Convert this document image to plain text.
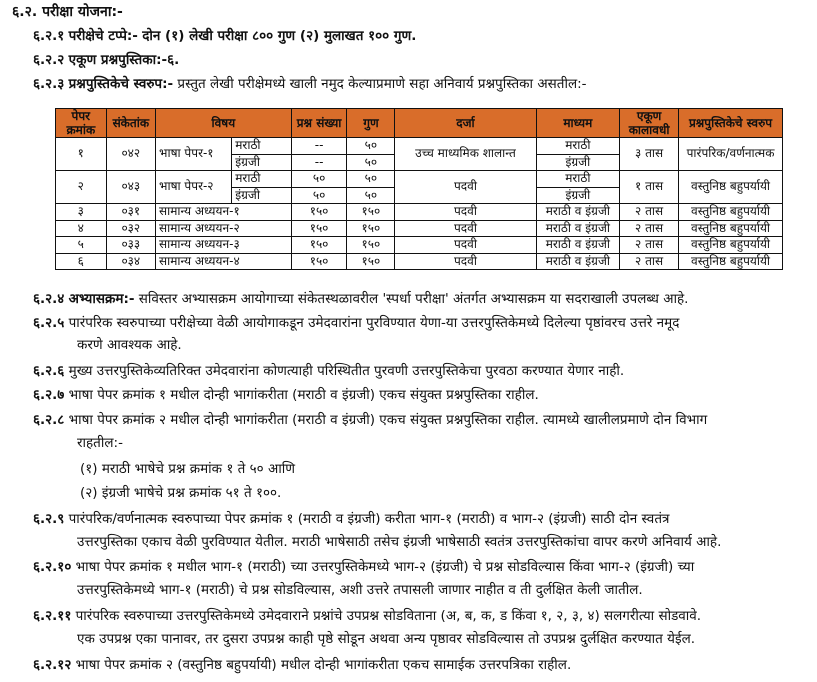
६.२. परीक्षा योजना:-
६.२.१ परीक्षेचे टप्पे:- दोन (१) लेखी परीक्षा ८०० गुण (२) मुलाखत १०० गुण.
६.२.२ एकूण प्रश्नपुस्तिका:-६.
६.२.३ प्रश्नपुस्तिकेचे स्वरुप:- प्रस्तुत लेखी परीक्षेमध्ये खाली नमुद केल्याप्रमाणे सहा अनिवार्य प्रश्नपुस्तिका असतील:-
पेपर क्रमांक	संकेतांक	विषय		प्रश्न संख्या	गुण	दर्जा	माध्यम	एकूण कालावधी	प्रश्नपुस्तिकेचे स्वरुप
१	०४२	भाषा पेपर-१	मराठी	--	५०	उच्च माध्यमिक शालान्त	मराठी	३ तास	पारंपरिक/वर्णनात्मक
			इंग्रजी	--	५०		इंग्रजी		
२	०४३	भाषा पेपर-२	मराठी	५०	५०	पदवी	मराठी	१ तास	वस्तुनिष्ठ बहुपर्यायी
			इंग्रजी	५०	५०		इंग्रजी		
३	०३१	सामान्य अध्ययन-१		१५०	१५०	पदवी	मराठी व इंग्रजी	२ तास	वस्तुनिष्ठ बहुपर्यायी
४	०३२	सामान्य अध्ययन-२		१५०	१५०	पदवी	मराठी व इंग्रजी	२ तास	वस्तुनिष्ठ बहुपर्यायी
५	०३३	सामान्य अध्ययन-३		१५०	१५०	पदवी	मराठी व इंग्रजी	२ तास	वस्तुनिष्ठ बहुपर्यायी
६	०३४	सामान्य अध्ययन-४		१५०	१५०	पदवी	मराठी व इंग्रजी	२ तास	वस्तुनिष्ठ बहुपर्यायी
६.२.४ अभ्यासक्रम:- सविस्तर अभ्यासक्रम आयोगाच्या संकेतस्थळावरील 'स्पर्धा परीक्षा' अंतर्गत अभ्यासक्रम या सदराखाली उपलब्ध आहे.
६.२.५ पारंपरिक स्वरुपाच्या परीक्षेच्या वेळी आयोगाकडून उमेदवारांना पुरविण्यात येणा-या उत्तरपुस्तिकेमध्ये दिलेल्या पृष्ठांवरच उत्तरे नमूद
करणे आवश्यक आहे.
६.२.६ मुख्य उत्तरपुस्तिकेव्यतिरिक्त उमेदवारांना कोणत्याही परिस्थितीत पुरवणी उत्तरपुस्तिकेचा पुरवठा करण्यात येणार नाही.
६.२.७ भाषा पेपर क्रमांक १ मधील दोन्ही भागांकरीता (मराठी व इंग्रजी) एकच संयुक्त प्रश्नपुस्तिका राहील.
६.२.८ भाषा पेपर क्रमांक २ मधील दोन्ही भागांकरीता (मराठी व इंग्रजी) एकच संयुक्त प्रश्नपुस्तिका राहील. त्यामध्ये खालीलप्रमाणे दोन विभाग
राहतील:-
(१) मराठी भाषेचे प्रश्न क्रमांक १ ते ५० आणि
(२) इंग्रजी भाषेचे प्रश्न क्रमांक ५१ ते १००.
६.२.९ पारंपरिक/वर्णनात्मक स्वरुपाच्या पेपर क्रमांक १ (मराठी व इंग्रजी) करीता भाग-१ (मराठी) व भाग-२ (इंग्रजी) साठी दोन स्वतंत्र
उत्तरपुस्तिका एकाच वेळी पुरविण्यात येतील. मराठी भाषेसाठी तसेच इंग्रजी भाषेसाठी स्वतंत्र उत्तरपुस्तिकांचा वापर करणे अनिवार्य आहे.
६.२.१० भाषा पेपर क्रमांक १ मधील भाग-१ (मराठी) च्या उत्तरपुस्तिकेमध्ये भाग-२ (इंग्रजी) चे प्रश्न सोडविल्यास किंवा भाग-२ (इंग्रजी) च्या
उत्तरपुस्तिकेमध्ये भाग-१ (मराठी) चे प्रश्न सोडविल्यास, अशी उत्तरे तपासली जाणार नाहीत व ती दुर्लक्षित केली जातील.
६.२.११ पारंपरिक स्वरुपाच्या उत्तरपुस्तिकेमध्ये उमेदवाराने प्रश्नांचे उपप्रश्न सोडविताना (अ, ब, क, ड किंवा १, २, ३, ४) सलगरीत्या सोडवावे.
एक उपप्रश्न एका पानावर, तर दुसरा उपप्रश्न काही पृष्ठे सोडून अथवा अन्य पृष्ठावर सोडविल्यास तो उपप्रश्न दुर्लक्षित करण्यात येईल.
६.२.१२ भाषा पेपर क्रमांक २ (वस्तुनिष्ठ बहुपर्यायी) मधील दोन्ही भागांकरीता एकच सामाईक उत्तरपत्रिका राहील.
